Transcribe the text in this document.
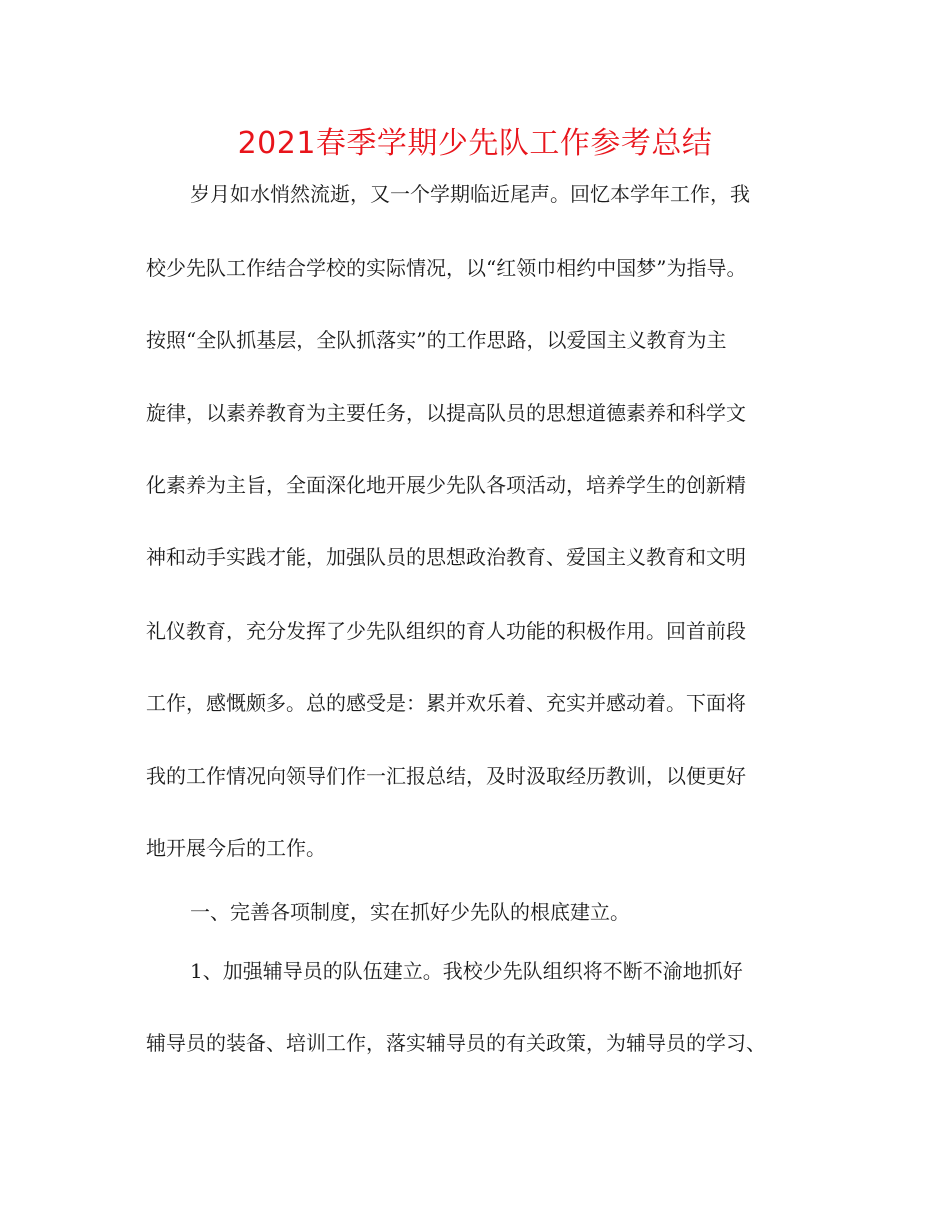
2021春季学期少先队工作参考总结
岁月如水悄然流逝，又一个学期临近尾声。回忆本学年工作，我
校少先队工作结合学校的实际情况，以“红领巾相约中国梦”为指导。
按照“全队抓基层，全队抓落实”的工作思路，以爱国主义教育为主
旋律，以素养教育为主要任务，以提高队员的思想道德素养和科学文
化素养为主旨，全面深化地开展少先队各项活动，培养学生的创新精
神和动手实践才能，加强队员的思想政治教育、爱国主义教育和文明
礼仪教育，充分发挥了少先队组织的育人功能的积极作用。回首前段
工作，感慨颇多。总的感受是：累并欢乐着、充实并感动着。下面将
我的工作情况向领导们作一汇报总结，及时汲取经历教训，以便更好
地开展今后的工作。
一、完善各项制度，实在抓好少先队的根底建立。
1、加强辅导员的队伍建立。我校少先队组织将不断不渝地抓好
辅导员的装备、培训工作，落实辅导员的有关政策，为辅导员的学习、
